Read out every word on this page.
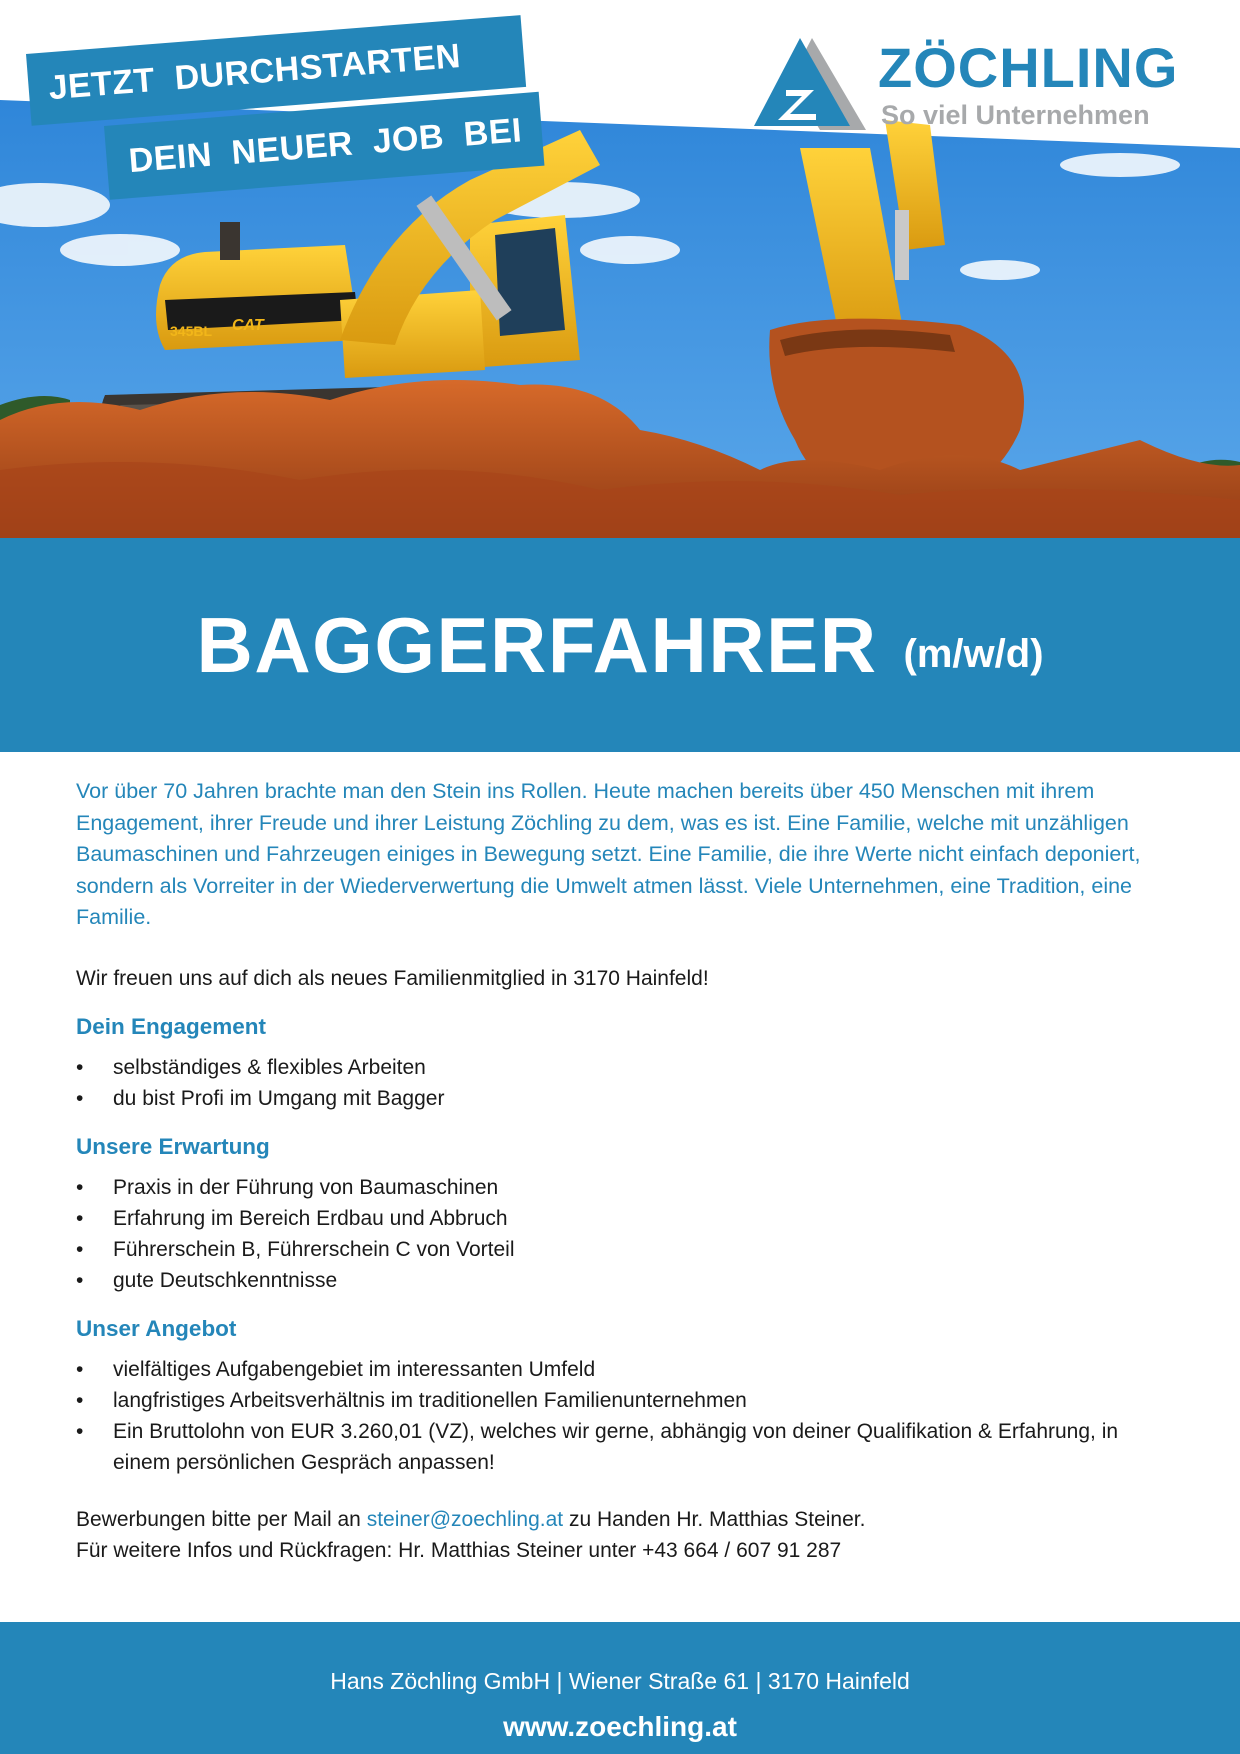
345BL CAT
JETZT DURCHSTARTEN
DEIN NEUER JOB BEI
ZÖCHLING
So viel Unternehmen
BAGGERFAHRER (m/w/d)

Vor über 70 Jahren brachte man den Stein ins Rollen. Heute machen bereits über 450 Menschen mit ihrem Engagement, ihrer Freude und ihrer Leistung Zöchling zu dem, was es ist. Eine Familie, welche mit unzähligen Baumaschinen und Fahrzeugen einiges in Bewegung setzt. Eine Familie, die ihre Werte nicht einfach deponiert, sondern als Vorreiter in der Wiederverwertung die Umwelt atmen lässt. Viele Unternehmen, eine Tradition, eine Familie.

Wir freuen uns auf dich als neues Familienmitglied in 3170 Hainfeld!

Dein Engagement
• selbständiges & flexibles Arbeiten
• du bist Profi im Umgang mit Bagger
Unsere Erwartung
• Praxis in der Führung von Baumaschinen
• Erfahrung im Bereich Erdbau und Abbruch
• Führerschein B, Führerschein C von Vorteil
• gute Deutschkenntnisse
Unser Angebot
• vielfältiges Aufgabengebiet im interessanten Umfeld
• langfristiges Arbeitsverhältnis im traditionellen Familienunternehmen
• Ein Bruttolohn von EUR 3.260,01 (VZ), welches wir gerne, abhängig von deiner Qualifikation & Erfahrung, in einem persönlichen Gespräch anpassen!
Bewerbungen bitte per Mail an steiner@zoechling.at zu Handen Hr. Matthias Steiner.
Für weitere Infos und Rückfragen: Hr. Matthias Steiner unter +43 664 / 607 91 287
Hans Zöchling GmbH | Wiener Straße 61 | 3170 Hainfeld
www.zoechling.at
